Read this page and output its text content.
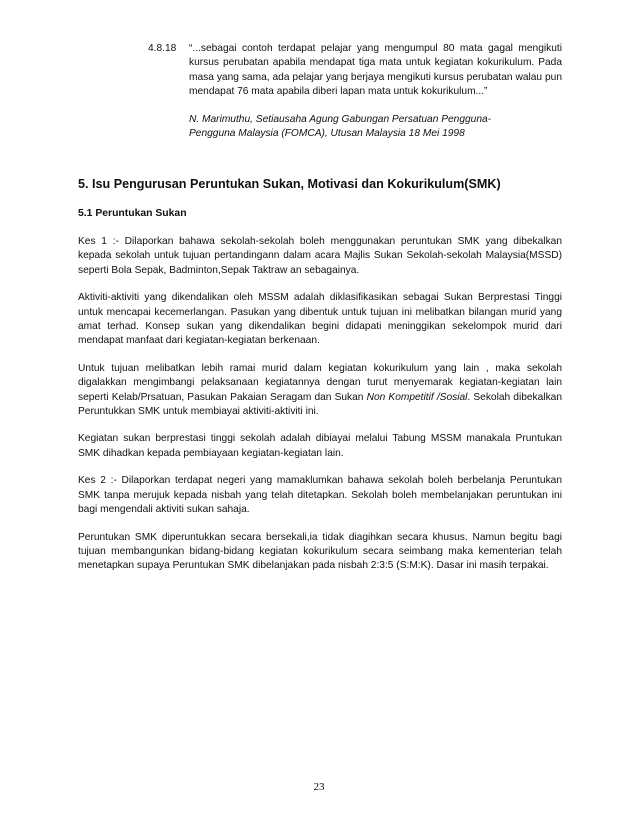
4.8.18	“...sebagai contoh terdapat pelajar yang mengumpul 80 mata gagal mengikuti kursus perubatan apabila mendapat tiga mata untuk kegiatan kokurikulum. Pada masa yang sama, ada pelajar yang berjaya mengikuti kursus perubatan walau pun mendapat 76 mata apabila diberi lapan mata untuk kokurikulum...”
N. Marimuthu, Setiausaha Agung Gabungan Persatuan Pengguna-
Pengguna Malaysia (FOMCA), Utusan Malaysia 18 Mei 1998
5. Isu Pengurusan Peruntukan Sukan, Motivasi dan Kokurikulum(SMK)
5.1 Peruntukan Sukan

Kes 1 :- Dilaporkan bahawa sekolah-sekolah boleh menggunakan peruntukan SMK yang dibekalkan kepada sekolah untuk tujuan pertandingann dalam acara Majlis Sukan Sekolah-sekolah Malaysia(MSSD) seperti Bola Sepak, Badminton,Sepak Taktraw an sebagainya.

Aktiviti-aktiviti yang dikendalikan oleh MSSM adalah diklasifikasikan sebagai Sukan Berprestasi Tinggi untuk mencapai kecemerlangan. Pasukan yang dibentuk untuk tujuan ini melibatkan bilangan murid yang amat terhad. Konsep sukan yang dikendalikan begini didapati meninggikan sekelompok murid dari mendapat manfaat dari kegiatan-kegiatan berkenaan.

Untuk tujuan melibatkan lebih ramai murid dalam kegiatan kokurikulum yang lain , maka sekolah digalakkan mengimbangi pelaksanaan kegiatannya dengan turut menyemarak kegiatan-kegiatan lain seperti Kelab/Prsatuan, Pasukan Pakaian Seragam dan Sukan Non Kompetitif /Sosial. Sekolah dibekalkan Peruntukkan SMK untuk membiayai aktiviti-aktiviti ini.

Kegiatan sukan berprestasi tinggi sekolah adalah dibiayai melalui Tabung MSSM manakala Pruntukan SMK dihadkan kepada pembiayaan kegiatan-kegiatan lain.

Kes 2 :- Dilaporkan terdapat negeri yang mamaklumkan bahawa sekolah boleh berbelanja Peruntukan SMK tanpa merujuk kepada nisbah yang telah ditetapkan. Sekolah boleh membelanjakan peruntukan ini bagi mengendali aktiviti sukan sahaja.

Peruntukan SMK diperuntukkan secara bersekali,ia tidak diagihkan secara khusus. Namun begitu bagi tujuan membangunkan bidang-bidang kegiatan kokurikulum secara seimbang maka kementerian telah menetapkan supaya Peruntukan SMK dibelanjakan pada nisbah 2:3:5 (S:M:K). Dasar ini masih terpakai.

23
